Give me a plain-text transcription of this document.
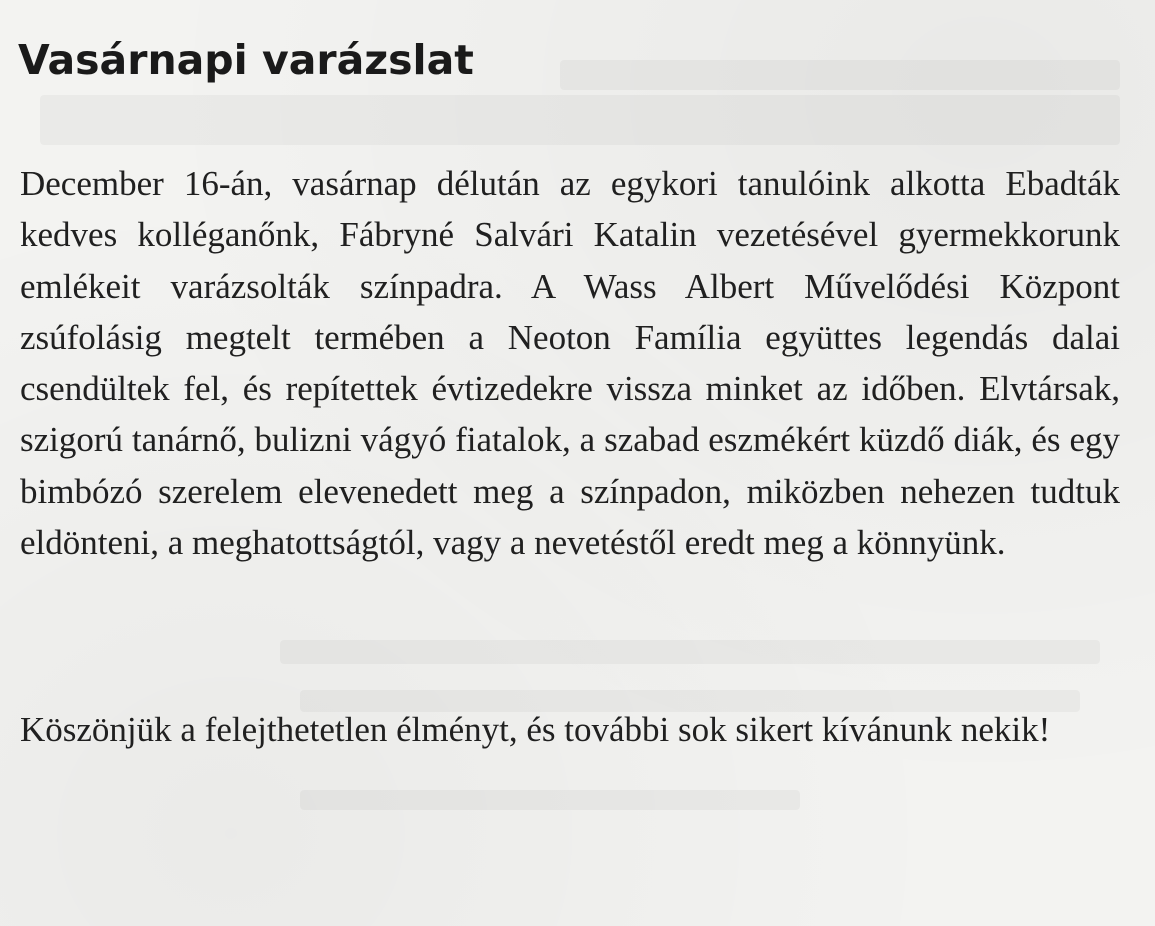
Vasárnapi varázslat

December 16-án, vasárnap délután az egykori tanulóink alkotta Ebadták kedves kolléganőnk, Fábryné Salvári Katalin vezetésével gyermekkorunk emlékeit varázsolták színpadra. A Wass Albert Művelődési Központ zsúfolásig megtelt termében a Neoton Família együttes legendás dalai csendültek fel, és repítettek évtizedekre vissza minket az időben. Elvtársak, szigorú tanárnő, bulizni vágyó fiatalok, a szabad eszmékért küzdő diák, és egy bimbózó szerelem elevenedett meg a színpadon, miközben nehezen tudtuk eldönteni, a meghatottságtól, vagy a nevetéstől eredt meg a könnyünk.

Köszönjük a felejthetetlen élményt, és további sok sikert kívánunk nekik!
